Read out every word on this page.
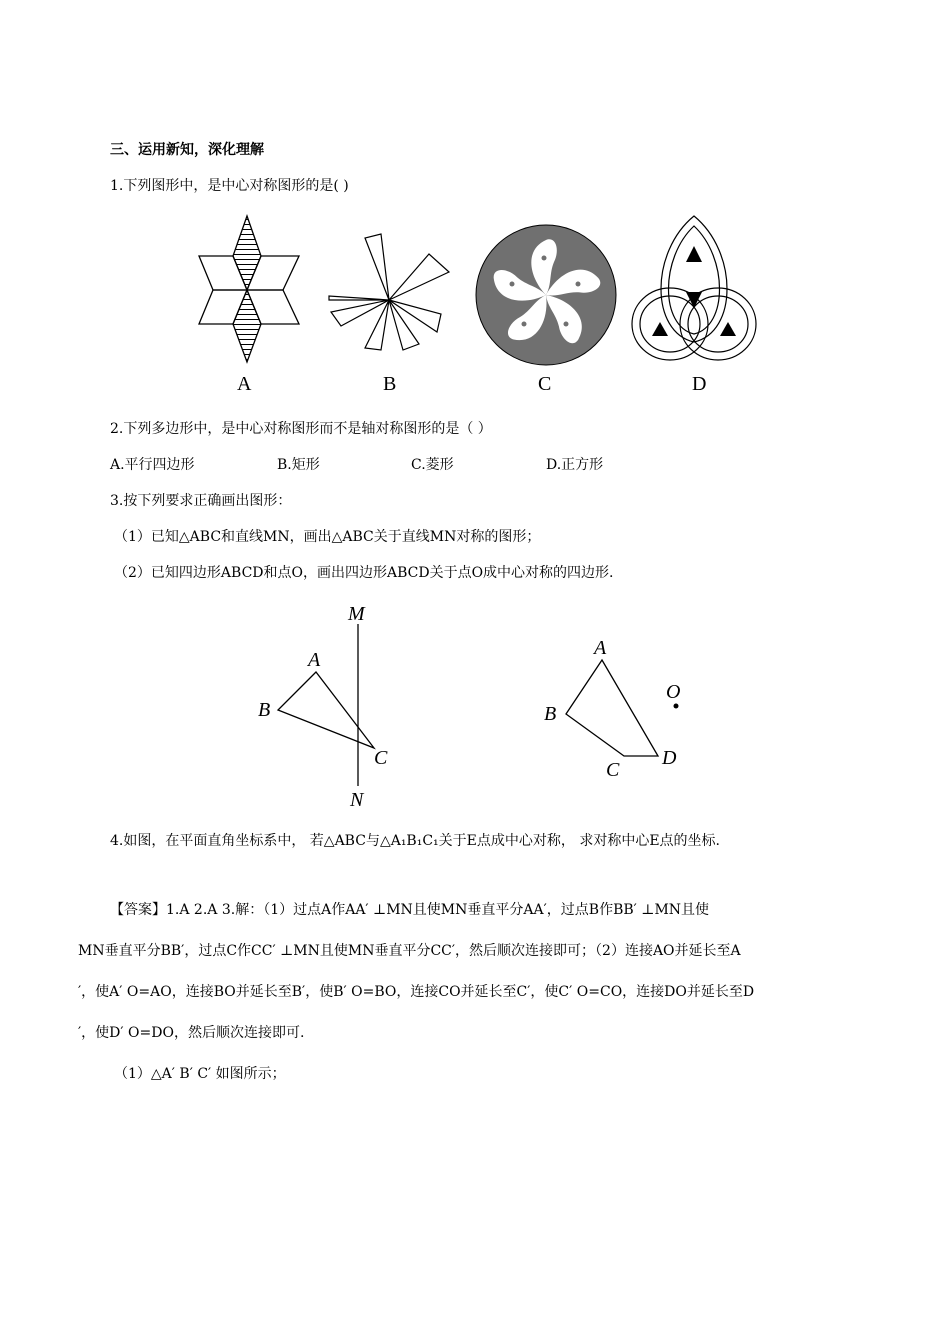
三、运用新知，深化理解
1.下列图形中，是中心对称图形的是( )
A	B	C	D
2.下列多边形中，是中心对称图形而不是轴对称图形的是（ ）
A.平行四边形	B.矩形	C.菱形	D.正方形
3.按下列要求正确画出图形：
（1）已知△ABC和直线MN，画出△ABC关于直线MN对称的图形；
（2）已知四边形ABCD和点O，画出四边形ABCD关于点O成中心对称的四边形.
M
N
A
B
C
A
B
C
D
O
4.如图，在平面直角坐标系中， 若△ABC与△A₁B₁C₁关于E点成中心对称， 求对称中心E点的坐标.

【答案】1.A 2.A 3.解：（1）过点A作AA′ ⊥MN且使MN垂直平分AA′，过点B作BB′ ⊥MN且使

MN垂直平分BB′，过点C作CC′ ⊥MN且使MN垂直平分CC′，然后顺次连接即可；（2）连接AO并延长至A

′，使A′ O=AO，连接BO并延长至B′，使B′ O=BO，连接CO并延长至C′，使C′ O=CO，连接DO并延长至D

′，使D′ O=DO，然后顺次连接即可.

（1）△A′ B′ C′ 如图所示；
